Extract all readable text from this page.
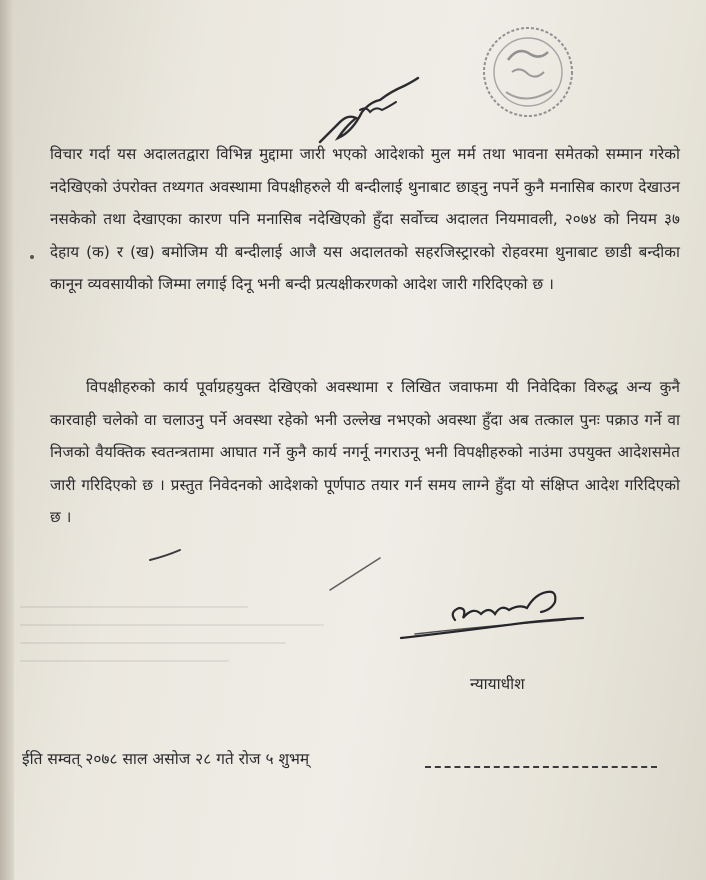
विचार गर्दा यस अदालतद्वारा विभिन्न मुद्दामा जारी भएको आदेशको मुल मर्म तथा भावना समेतको सम्मान गरेको नदेखिएको उंपरोक्त तथ्यगत अवस्थामा विपक्षीहरुले यी बन्दीलाई थुनाबाट छाड्नु नपर्ने कुनै मनासिब कारण देखाउन नसकेको तथा देखाएका कारण पनि मनासिब नदेखिएको हुँदा सर्वोच्च अदालत नियमावली, २०७४ को नियम ३७ देहाय (क) र (ख) बमोजिम यी बन्दीलाई आजै यस अदालतको सहरजिस्ट्रारको रोहवरमा थुनाबाट छाडी बन्दीका कानून व्यवसायीको जिम्मा लगाई दिनू भनी बन्दी प्रत्यक्षीकरणको आदेश जारी गरिदिएको छ ।

विपक्षीहरुको कार्य पूर्वाग्रहयुक्त देखिएको अवस्थामा र लिखित जवाफमा यी निवेदिका विरुद्ध अन्य कुनै कारवाही चलेको वा चलाउनु पर्ने अवस्था रहेको भनी उल्लेख नभएको अवस्था हुँदा अब तत्काल पुनः पक्राउ गर्ने वा निजको वैयक्तिक स्वतन्त्रतामा आघात गर्ने कुनै कार्य नगर्नू नगराउनू भनी विपक्षीहरुको नाउंमा उपयुक्त आदेशसमेत जारी गरिदिएको छ । प्रस्तुत निवेदनको आदेशको पूर्णपाठ तयार गर्न समय लाग्ने हुँदा यो संक्षिप्त आदेश गरिदिएको छ ।

न्यायाधीश
ईति सम्वत् २०७८ साल असोज २८ गते रोज ५ शुभम्
